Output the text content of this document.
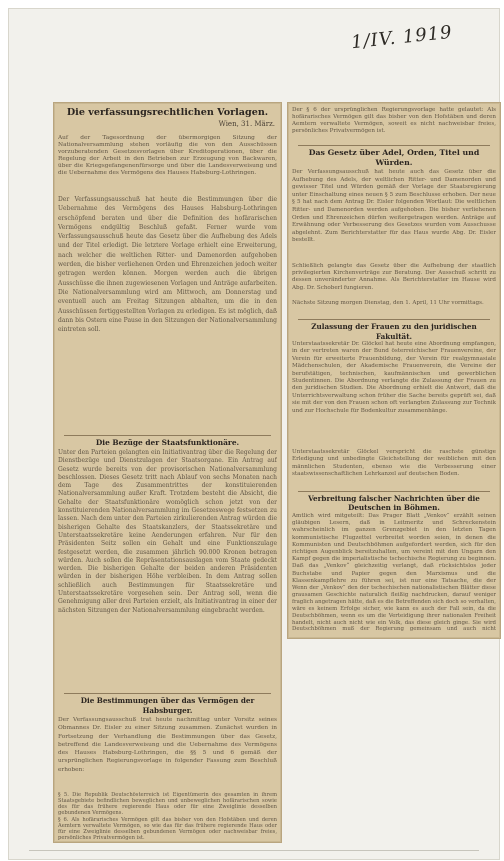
1/IV. 1919

Die verfassungsrechtlichen Vorlagen.

Wien, 31. März.

Auf der Tagesordnung der übermorgigen Sitzung der Nationalversammlung stehen vorläufig die von den Ausschüssen vorzuberatenden Gesetzesvorlagen über Kreditoperationen, über die Regelung der Arbeit in den Betrieben zur Erzeugung von Backwaren, über die Kriegsgefangenenfürsorge und über die Landesverweisung und die Uebernahme des Vermögens des Hauses Habsburg-Lothringen.

Der Verfassungsausschuß hat heute die Bestimmungen über die Uebernahme des Vermögens des Hauses Habsburg-Lothringen erschöpfend beraten und über die Definition des hofärarischen Vermögens endgültig Beschluß gefaßt. Ferner wurde vom Verfassungsausschuß heute das Gesetz über die Aufhebung des Adels und der Titel erledigt. Die letztere Vorlage erhielt eine Erweiterung, nach welcher die weltlichen Ritter- und Damenorden aufgehoben werden, die bisher verliehenen Orden und Ehrenzeichen jedoch weiter getragen werden können. Morgen werden auch die übrigen Ausschüsse die ihnen zugewiesenen Vorlagen und Anträge aufarbeiten. Die Nationalversammlung wird am Mittwoch, am Donnerstag und eventuell auch am Freitag Sitzungen abhalten, um die in den Ausschüssen fertiggestellten Vorlagen zu erledigen. Es ist möglich, daß dann bis Ostern eine Pause in den Sitzungen der Nationalversammlung eintreten soll.

Die Bezüge der Staatsfunktionäre.

Unter den Parteien gelangten ein Initiativantrag über die Regelung der Dienstbezüge und Dienstzulagen der Staatsorgane. Ein Antrag auf Gesetz wurde bereits von der provisorischen Nationalversammlung beschlossen. Dieses Gesetz tritt nach Ablauf von sechs Monaten nach dem Tage des Zusammentrittes der konstituierenden Nationalversammlung außer Kraft. Trotzdem besteht die Absicht, die Gehalte der Staatsfunktionäre womöglich schon jetzt von der konstituierenden Nationalversammlung im Gesetzeswege festsetzen zu lassen. Nach dem unter den Parteien zirkulierenden Antrag würden die bisherigen Gehalte des Staatskanzlers, der Staatssekretäre und Unterstaatssekretäre keine Aenderungen erfahren. Nur für den Präsidenten Seitz sollen ein Gehalt und eine Funktionszulage festgesetzt werden, die zusammen jährlich 90.000 Kronen betragen würden. Auch sollen die Repräsentationsauslagen vom Staate gedeckt werden. Die bisherigen Gehalte der beiden anderen Präsidenten würden in der bisherigen Höhe verbleiben. In dem Antrag sollen schließlich auch Bestimmungen für Staatssekretäre und Unterstaatssekretäre vorgesehen sein. Der Antrag soll, wenn die Genehmigung aller drei Parteien erzielt, als Initiativantrag in einer der nächsten Sitzungen der Nationalversammlung eingebracht werden.

Die Bestimmungen über das Vermögen der Habsburger.

Der Verfassungsausschuß trat heute nachmittag unter Vorsitz seines Obmannes Dr. Eisler zu einer Sitzung zusammen. Zunächst wurden in Fortsetzung der Verhandlung die Bestimmungen über das Gesetz, betreffend die Landesverweisung und die Uebernahme des Vermögens des Hauses Habsburg-Lothringen, die §§ 5 und 6 gemäß der ursprünglichen Regierungsvorlage in folgender Fassung zum Beschluß erhoben:

§ 5. Die Republik Deutschösterreich ist Eigentümerin des gesamten in ihrem Staatsgebiete befindlichen beweglichen und unbeweglichen hofärarischen sowie des für das frühere regierende Haus oder für eine Zweiglinie desselben gebundenen Vermögens.

§ 6. Als hofärarisches Vermögen gilt das bisher von den Hofstäben und deren Aemtern verwaltete Vermögen, so wie das für das frühere regierende Haus oder für eine Zweiglinie desselben gebundenen Vermögen oder nachweisbar freies, persönliches Privatvermögen ist.

Der § 6 der ursprünglichen Regierungsvorlage hatte gelautet: Als hofärarisches Vermögen gilt das bisher von den Hofstäben und deren Aemtern verwaltete Vermögen, soweit es nicht nachweisbar freies, persönliches Privatvermögen ist.

Das Gesetz über Adel, Orden, Titel und Würden.

Der Verfassungsausschuß hat heute auch das Gesetz über die Aufhebung des Adels, der weltlichen Ritter- und Damenorden und gewisser Titel und Würden gemäß der Vorlage der Staatsregierung unter Einschaltung eines neuen § 5 zum Beschlusse erhoben. Der neue § 5 hat nach dem Antrag Dr. Eisler folgenden Wortlaut: Die weltlichen Ritter- und Damenorden werden aufgehoben. Die bisher verliehenen Orden und Ehrenzeichen dürfen weitergetragen werden. Anträge auf Erwähnung oder Verbesserung des Gesetzes wurden vom Ausschusse abgelehnt. Zum Berichterstatter für das Haus wurde Abg. Dr. Eisler bestellt.

Schließlich gelangte das Gesetz über die Aufhebung der staatlich privilegierten Kirchenverträge zur Beratung. Der Ausschuß schritt zu dessen unveränderter Annahme. Als Berichterstatter im Hause wird Abg. Dr. Schoberl fungieren.

Nächste Sitzung morgen Dienstag, den 1. April, 11 Uhr vormittags.

Zulassung der Frauen zu den juridischen Fakultät.

Unterstaatssekretär Dr. Glöckel hat heute eine Abordnung empfangen, in der vertreten waren der Bund österreichischer Frauenvereine, der Verein für erweiterte Frauenbildung, der Verein für realgymnasiale Mädchenschulen, der Akademische Frauenverein, die Vereine der berufstätigen, technischen, kaufmännischen und gewerblichen Studentinnen. Die Abordnung verlangte die Zulassung der Frauen zu den juridischen Studien. Die Abordnung erhielt die Antwort, daß die Unterrichtsverwaltung schon früher die Sache bereits geprüft sei, daß sie mit der von den Frauen schon oft verlangten Zulassung zur Technik und zur Hochschule für Bodenkultur zusammenhänge.

Unterstaatssekretär Glöckel verspricht die raschste günstige Erledigung und unbedingte Gleichstellung der weiblichen mit den männlichen Studenten, ebenso wie die Verbesserung einer staatswissenschaftlichen Lehrkanzel auf deutschen Boden.

Verbreitung falscher Nachrichten über die Deutschen in Böhmen.

Amtlich wird mitgeteilt: Das Prager Blatt „Venkov“ erzählt seinen gläubigen Lesern, daß in Leitmeritz und Schreckenstein wahrscheinlich im ganzen Grenzgebiet in den letzten Tagen kommunistische Flugzettel verbreitet worden seien, in denen die Kommunisten und Deutschböhmen aufgefordert werden, sich für den richtigen Augenblick bereitzuhalten, um vereint mit den Ungarn den Kampf gegen die imperialistische tschechische Regierung zu beginnen. Daß das „Venkov“ gleichzeitig verlangt, daß rücksichtslos jeder Buchstabe und Papier gegen den Marxismus und die Klassenkampflehre zu führen sei, ist nur eine Tatsache, die der

Wenn der „Venkov“ den der tschechischen nationalistischen Blätter diese grausamen Geschichte naturalich fleißig nachdrucken, darauf weniger fraglich angetragen hätte, daß es die Betreffenden sich doch so verhalten, wäre es keinem Erfolge sicher, wie kann es auch der Fall sein, da die Deutschböhmen, wenn es um die Verteidigung ihrer nationalen Freiheit handelt, nicht auch nicht wie ein Volk, das diese gleich ginge. Sie wird Deutschböhmen muß der Regierung gemeinsam und auch nicht
